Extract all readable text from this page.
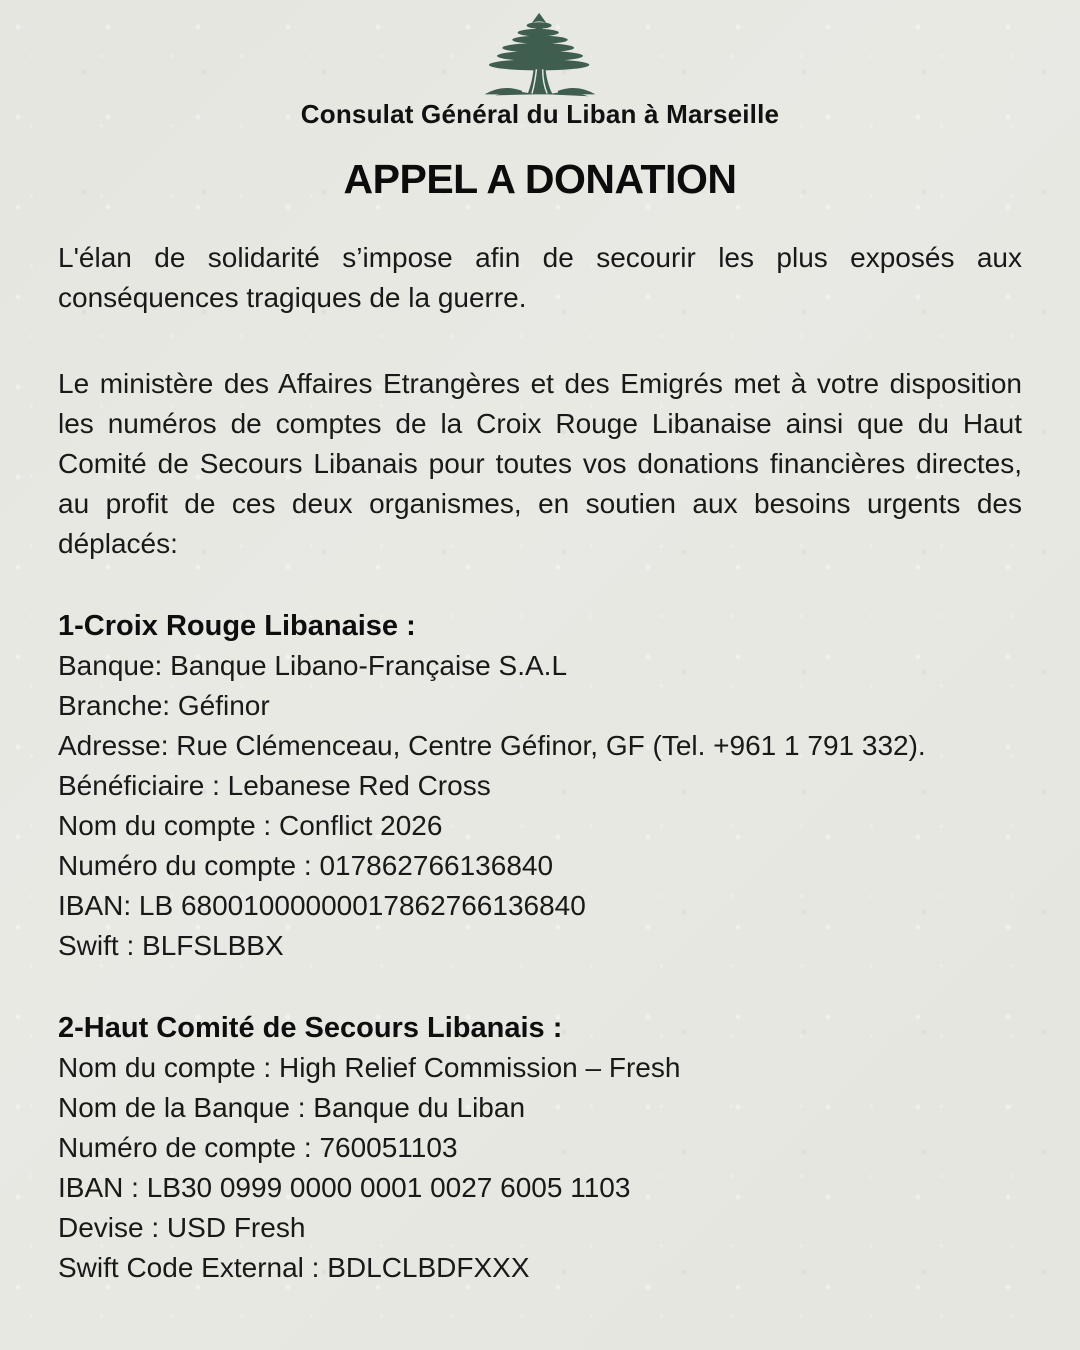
Consulat Général du Liban à Marseille
APPEL A DONATION

L'élan de solidarité s’impose afin de secourir les plus exposés aux conséquences tragiques de la guerre.

Le ministère des Affaires Etrangères et des Emigrés met à votre disposition les numéros de comptes de la Croix Rouge Libanaise ainsi que du Haut Comité de Secours Libanais pour toutes vos donations financières directes, au profit de ces deux organismes, en soutien aux besoins urgents des déplacés:

1-Croix Rouge Libanaise :
Banque: Banque Libano-Française S.A.L
Branche: Géfinor
Adresse: Rue Clémenceau, Centre Géfinor, GF (Tel. +961 1 791 332).
Bénéficiaire : Lebanese Red Cross
Nom du compte : Conflict 2026
Numéro du compte : 017862766136840
IBAN: LB 68001000000017862766136840
Swift : BLFSLBBX
2-Haut Comité de Secours Libanais :
Nom du compte : High Relief Commission – Fresh
Nom de la Banque : Banque du Liban
Numéro de compte : 760051103
IBAN : LB30 0999 0000 0001 0027 6005 1103
Devise : USD Fresh
Swift Code External : BDLCLBDFXXX
